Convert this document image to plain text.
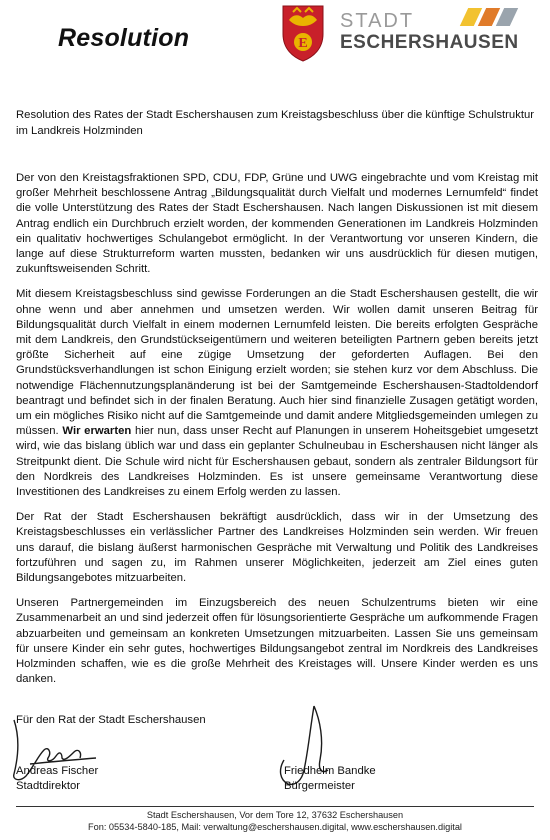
Resolution	E
STADT
ESCHERSHAUSEN
Resolution des Rates der Stadt Eschershausen zum Kreistagsbeschluss über die künftige Schulstruktur im Landkreis Holzminden

Der von den Kreistagsfraktionen SPD, CDU, FDP, Grüne und UWG eingebrachte und vom Kreistag mit großer Mehrheit beschlossene Antrag „Bildungsqualität durch Vielfalt und modernes Lernumfeld“ findet die volle Unterstützung des Rates der Stadt Eschershausen. Nach langen Diskussionen ist mit diesem Antrag endlich ein Durchbruch erzielt worden, der kommenden Generationen im Landkreis Holzminden ein qualitativ hochwertiges Schulangebot ermöglicht. In der Verantwortung vor unseren Kindern, die lange auf diese Strukturreform warten mussten, bedanken wir uns ausdrücklich für diesen mutigen, zukunftsweisenden Schritt.

Mit diesem Kreistagsbeschluss sind gewisse Forderungen an die Stadt Eschershausen gestellt, die wir ohne wenn und aber annehmen und umsetzen werden. Wir wollen damit unseren Beitrag für Bildungsqualität durch Vielfalt in einem modernen Lernumfeld leisten. Die bereits erfolgten Gespräche mit dem Landkreis, den Grundstückseigentümern und weiteren beteiligten Partnern geben bereits jetzt größte Sicherheit auf eine zügige Umsetzung der geforderten Auflagen. Bei den Grundstücksverhandlungen ist schon Einigung erzielt worden; sie stehen kurz vor dem Abschluss. Die notwendige Flächennutzungsplanänderung ist bei der Samtgemeinde Eschershausen-Stadtoldendorf beantragt und befindet sich in der finalen Beratung. Auch hier sind finanzielle Zusagen getätigt worden, um ein mögliches Risiko nicht auf die Samtgemeinde und damit andere Mitgliedsgemeinden umlegen zu müssen. Wir erwarten hier nun, dass unser Recht auf Planungen in unserem Hoheitsgebiet umgesetzt wird, wie das bislang üblich war und dass ein geplanter Schulneubau in Eschershausen nicht länger als Streitpunkt dient. Die Schule wird nicht für Eschershausen gebaut, sondern als zentraler Bildungsort für den Nordkreis des Landkreises Holzminden. Es ist unsere gemeinsame Verantwortung diese Investitionen des Landkreises zu einem Erfolg werden zu lassen.

Der Rat der Stadt Eschershausen bekräftigt ausdrücklich, dass wir in der Umsetzung des Kreistagsbeschlusses ein verlässlicher Partner des Landkreises Holzminden sein werden. Wir freuen uns darauf, die bislang äußerst harmonischen Gespräche mit Verwaltung und Politik des Landkreises fortzuführen und sagen zu, im Rahmen unserer Möglichkeiten, jederzeit am Ziel eines guten Bildungsangebotes mitzuarbeiten.

Unseren Partnergemeinden im Einzugsbereich des neuen Schulzentrums bieten wir eine Zusammenarbeit an und sind jederzeit offen für lösungsorientierte Gespräche um aufkommende Fragen abzuarbeiten und gemeinsam an konkreten Umsetzungen mitzuarbeiten. Lassen Sie uns gemeinsam für unsere Kinder ein sehr gutes, hochwertiges Bildungsangebot zentral im Nordkreis des Landkreises Holzminden schaffen, wie es die große Mehrheit des Kreistages will. Unsere Kinder werden es uns danken.

Für den Rat der Stadt Eschershausen
Andreas Fischer
Stadtdirektor
Friedhelm Bandke
Bürgermeister
Stadt Eschershausen, Vor dem Tore 12, 37632 Eschershausen
Fon: 05534-5840-185, Mail: verwaltung@eschershausen.digital, www.eschershausen.digital
